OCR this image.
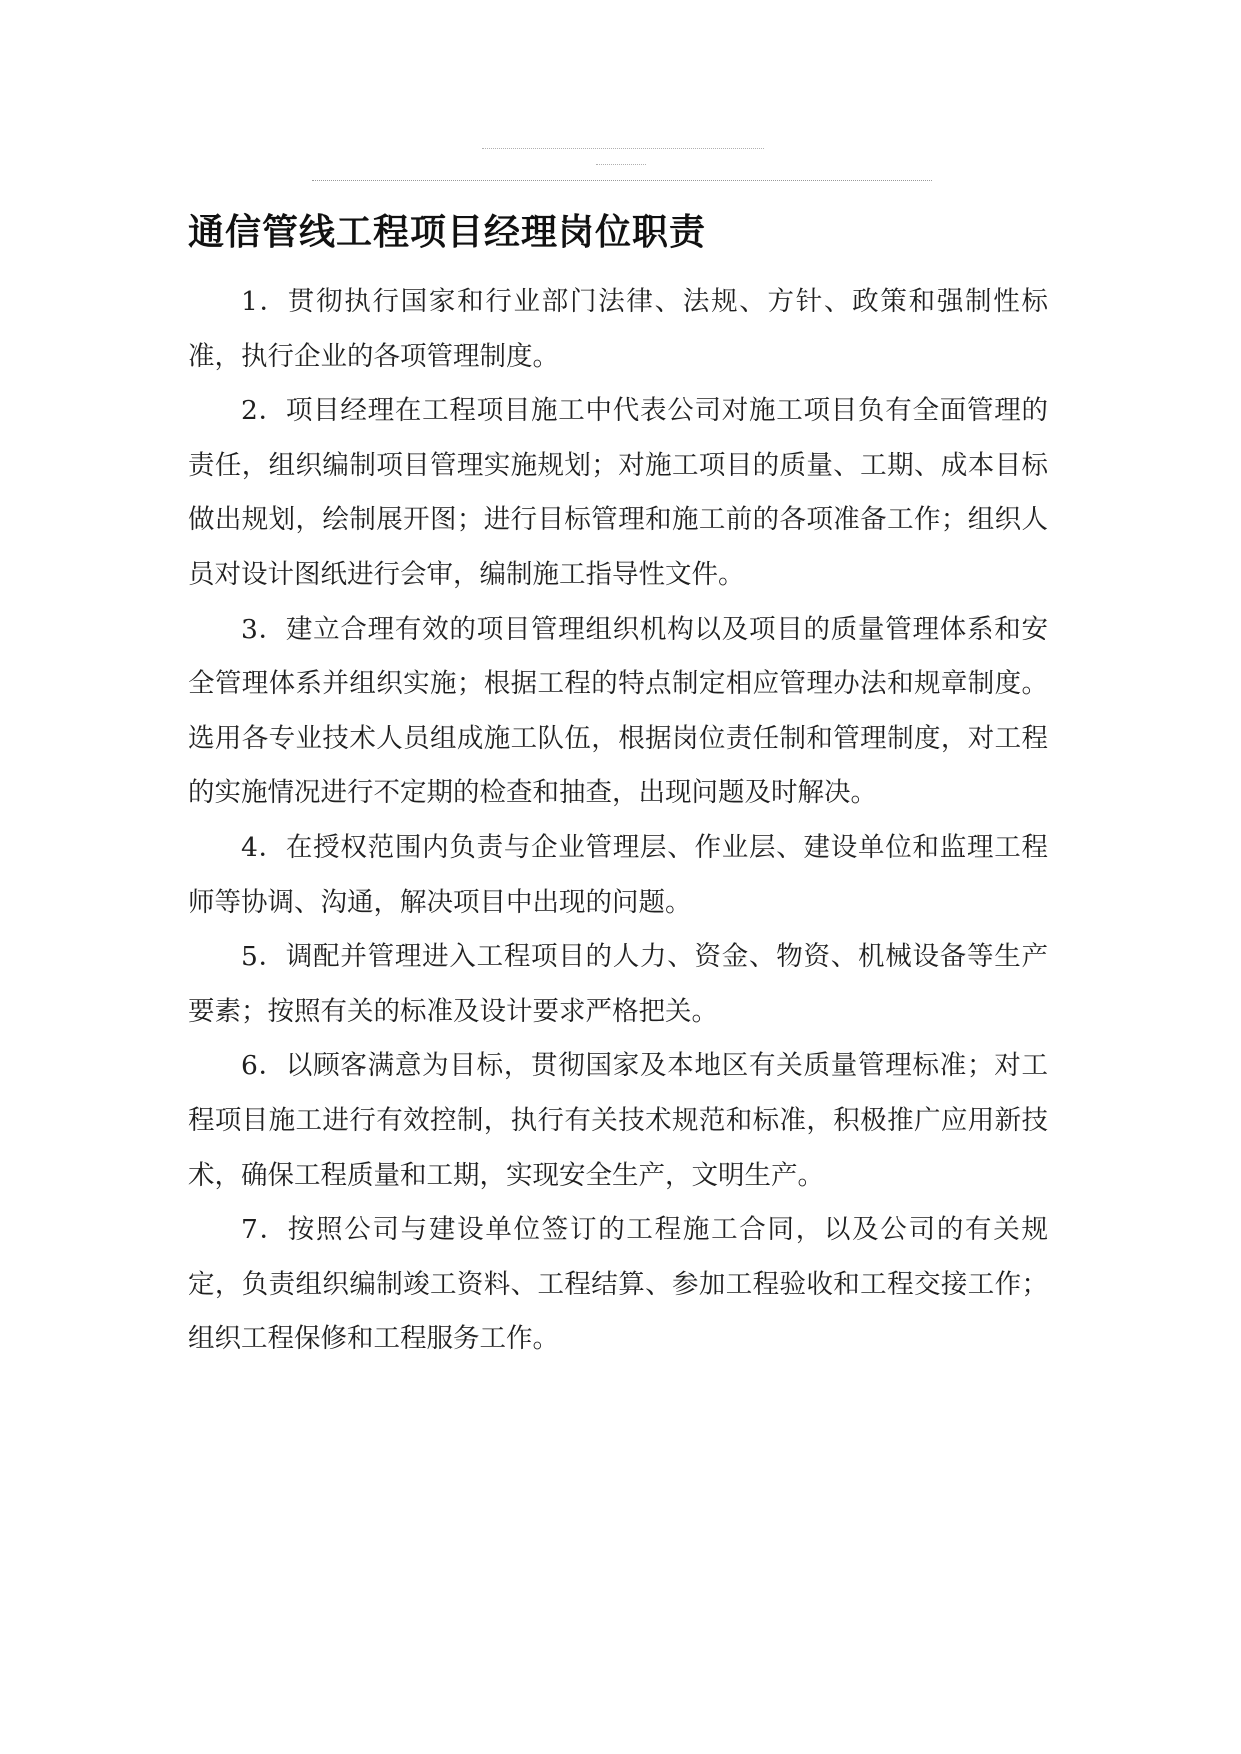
通信管线工程项目经理岗位职责

1．贯彻执行国家和行业部门法律、法规、方针、政策和强制性标准，执行企业的各项管理制度。

2．项目经理在工程项目施工中代表公司对施工项目负有全面管理的责任，组织编制项目管理实施规划；对施工项目的质量、工期、成本目标做出规划，绘制展开图；进行目标管理和施工前的各项准备工作；组织人员对设计图纸进行会审，编制施工指导性文件。

3．建立合理有效的项目管理组织机构以及项目的质量管理体系和安全管理体系并组织实施；根据工程的特点制定相应管理办法和规章制度。选用各专业技术人员组成施工队伍，根据岗位责任制和管理制度，对工程的实施情况进行不定期的检查和抽查，出现问题及时解决。

4．在授权范围内负责与企业管理层、作业层、建设单位和监理工程师等协调、沟通，解决项目中出现的问题。

5．调配并管理进入工程项目的人力、资金、物资、机械设备等生产要素；按照有关的标准及设计要求严格把关。

6．以顾客满意为目标，贯彻国家及本地区有关质量管理标准；对工程项目施工进行有效控制，执行有关技术规范和标准，积极推广应用新技术，确保工程质量和工期，实现安全生产，文明生产。

7．按照公司与建设单位签订的工程施工合同，以及公司的有关规定，负责组织编制竣工资料、工程结算、参加工程验收和工程交接工作；组织工程保修和工程服务工作。
